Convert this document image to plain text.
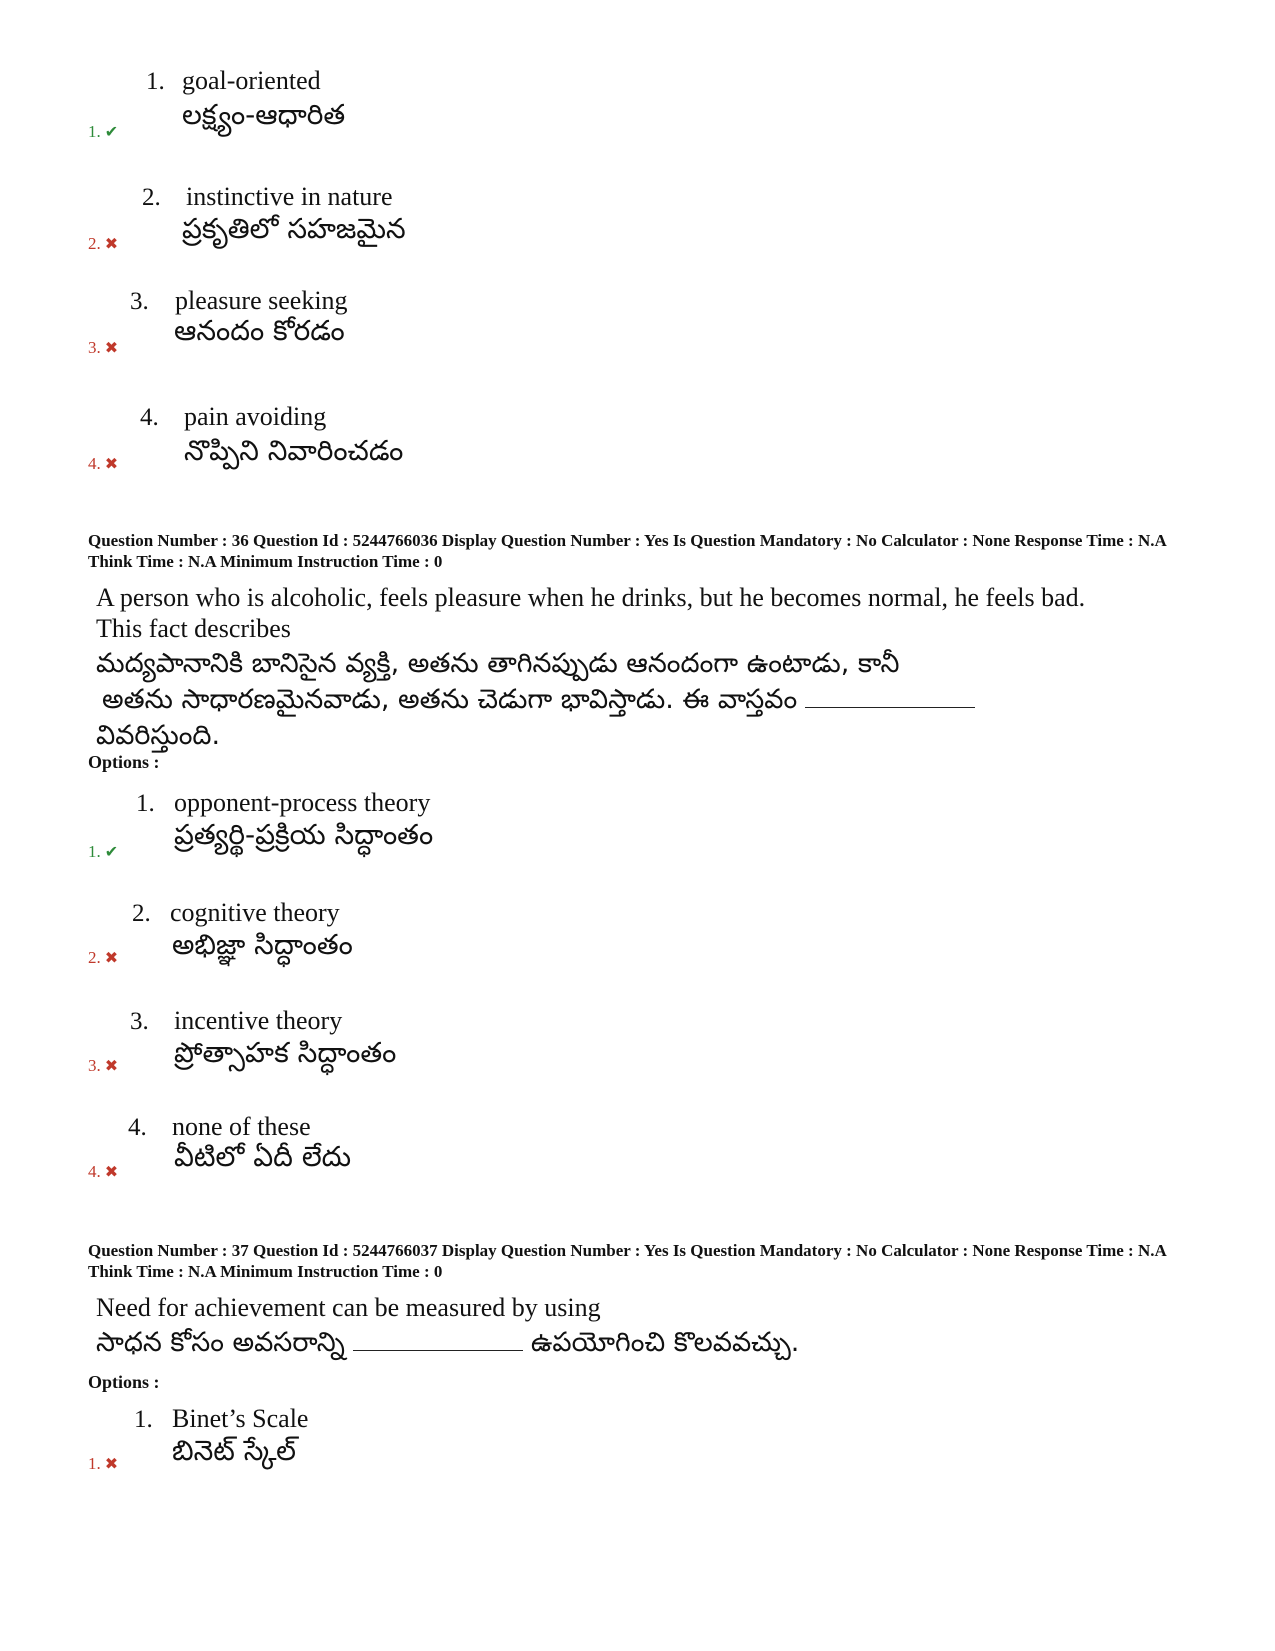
1. goal-oriented
లక్ష్యం-ఆధారిత
1. ✔
2. instinctive in nature
ప్రకృతిలో సహజమైన
2. ✖
3. pleasure seeking
ఆనందం కోరడం
3. ✖
4. pain avoiding
నొప్పిని నివారించడం
4. ✖
Question Number : 36 Question Id : 5244766036 Display Question Number : Yes Is Question Mandatory : No Calculator : None Response Time : N.A Think Time : N.A Minimum Instruction Time : 0
A person who is alcoholic, feels pleasure when he drinks, but he becomes normal, he feels bad. This fact describes
మద్యపానానికి బానిసైన వ్యక్తి, అతను తాగినప్పుడు ఆనందంగా ఉంటాడు, కానీ
అతను సాధారణమైనవాడు, అతను చెడుగా భావిస్తాడు. ఈ వాస్తవం
వివరిస్తుంది.
Options :
1. opponent-process theory
ప్రత్యర్థి-ప్రక్రియ సిద్ధాంతం
1. ✔
2. cognitive theory
అభిజ్ఞా సిద్ధాంతం
2. ✖
3. incentive theory
ప్రోత్సాహక సిద్ధాంతం
3. ✖
4. none of these
వీటిలో ఏదీ లేదు
4. ✖
Question Number : 37 Question Id : 5244766037 Display Question Number : Yes Is Question Mandatory : No Calculator : None Response Time : N.A Think Time : N.A Minimum Instruction Time : 0
Need for achievement can be measured by using
సాధన కోసం అవసరాన్ని	ఉపయోగించి కొలవవచ్చు.
Options :
1. Binet’s Scale
బినెట్ స్కేల్
1. ✖
